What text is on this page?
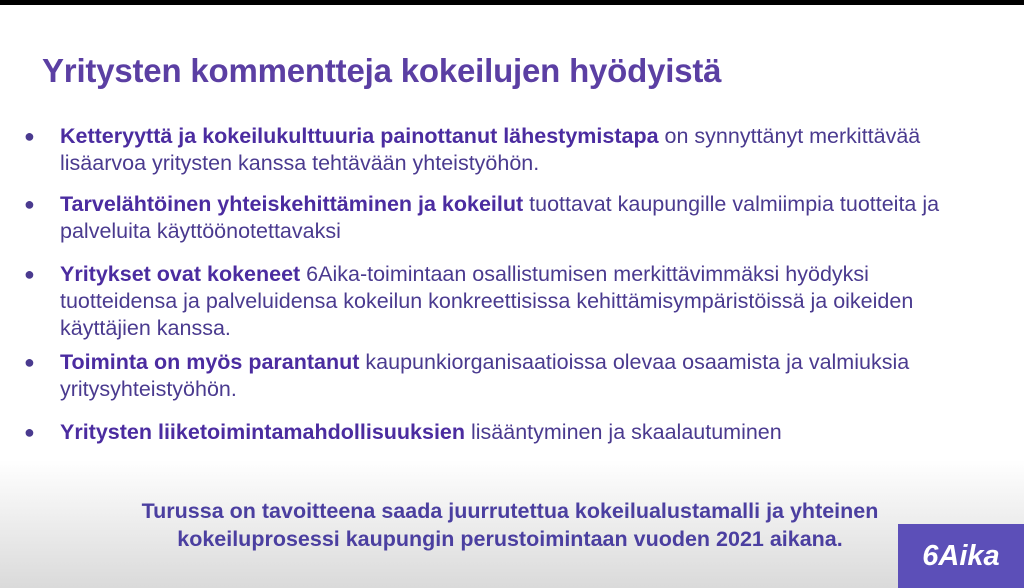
Yritysten kommentteja kokeilujen hyödyistä
● Ketteryyttä ja kokeilukulttuuria painottanut lähestymistapa on synnyttänyt merkittävää lisäarvoa yritysten kanssa tehtävään yhteistyöhön.
● Tarvelähtöinen yhteiskehittäminen ja kokeilut tuottavat kaupungille valmiimpia tuotteita ja palveluita käyttöönotettavaksi
● Yritykset ovat kokeneet 6Aika-toimintaan osallistumisen merkittävimmäksi hyödyksi tuotteidensa ja palveluidensa kokeilun konkreettisissa kehittämisympäristöissä ja oikeiden käyttäjien kanssa.
● Toiminta on myös parantanut kaupunkiorganisaatioissa olevaa osaamista ja valmiuksia yritysyhteistyöhön.
● Yritysten liiketoimintamahdollisuuksien lisääntyminen ja skaalautuminen
Turussa on tavoitteena saada juurrutettua kokeilualustamalli ja yhteinen
kokeiluprosessi kaupungin perustoimintaan vuoden 2021 aikana.
6Aika
